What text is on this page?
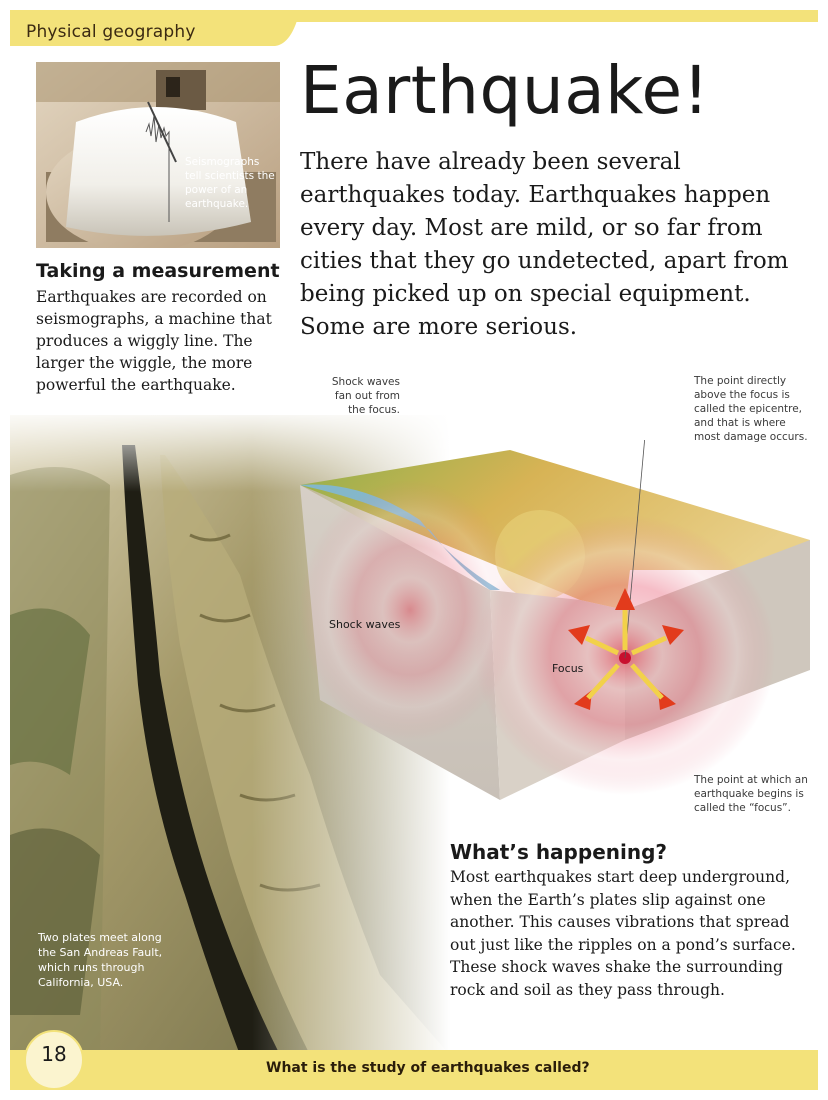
Physical geography
Seismographs tell scientists the power of an earthquake.
Earthquake!

There have already been several earthquakes today. Earthquakes happen every day. Most are mild, or so far from cities that they go undetected, apart from being picked up on special equipment. Some are more serious.

Taking a measurement

Earthquakes are recorded on seismographs, a machine that produces a wiggly line. The larger the wiggle, the more powerful the earthquake.

Two plates meet along the San Andreas Fault, which runs through California, USA.
Shock waves fan out from the focus.
The point directly above the focus is called the epicentre, and that is where most damage occurs.
The point at which an earthquake begins is called the “focus”.
Shock waves
Focus
What’s happening?

Most earthquakes start deep underground, when the Earth’s plates slip against one another. This causes vibrations that spread out just like the ripples on a pond’s surface. These shock waves shake the surrounding rock and soil as they pass through.

18
What is the study of earthquakes called?
